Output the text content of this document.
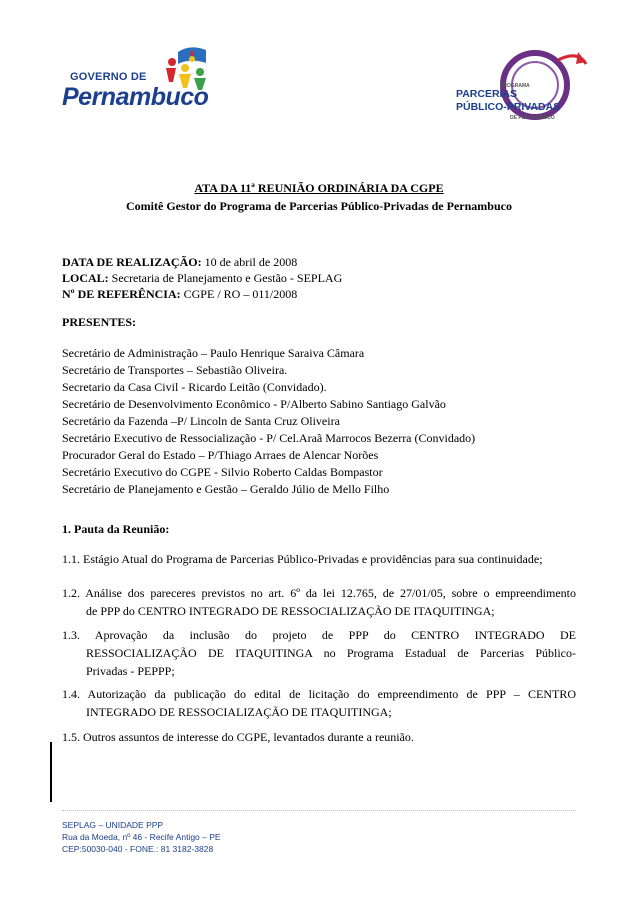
GOVERNO DE
Pernambuco	PROGRAMA
PARCERIAS
PÚBLICO-PRIVADAS
DE PERNAMBUCO
ATA DA 11ª REUNIÃO ORDINÁRIA DA CGPE
Comitê Gestor do Programa de Parcerias Público-Privadas de Pernambuco
DATA DE REALIZAÇÃO: 10 de abril de 2008
LOCAL: Secretaria de Planejamento e Gestão - SEPLAG
Nº DE REFERÊNCIA: CGPE / RO – 011/2008
PRESENTES:
Secretário de Administração – Paulo Henrique Saraiva Câmara
Secretário de Transportes – Sebastião Oliveira.
Secretario da Casa Civil - Ricardo Leitão (Convidado).
Secretário de Desenvolvimento Econômico - P/Alberto Sabino Santiago Galvão
Secretário da Fazenda –P/ Lincoln de Santa Cruz Oliveira
Secretário Executivo de Ressocialização - P/ Cel.Araã Marrocos Bezerra (Convidado)
Procurador Geral do Estado – P/Thiago Arraes de Alencar Norões
Secretário Executivo do CGPE - Silvio Roberto Caldas Bompastor
Secretário de Planejamento e Gestão – Geraldo Júlio de Mello Filho
1. Pauta da Reunião:
1.1. Estágio Atual do Programa de Parcerias Público-Privadas e providências para sua continuidade;
1.2. Análise dos pareceres previstos no art. 6º da lei 12.765, de 27/01/05, sobre o empreendimento
de PPP do CENTRO INTEGRADO DE RESSOCIALIZAÇÃO DE ITAQUITINGA;
1.3. Aprovação da inclusão do projeto de PPP do CENTRO INTEGRADO DE
RESSOCIALIZAÇÃO DE ITAQUITINGA no Programa Estadual de Parcerias Público-
Privadas - PEPPP;
1.4. Autorização da publicação do edital de licitação do empreendimento de PPP – CENTRO
INTEGRADO DE RESSOCIALIZAÇÃO DE ITAQUITINGA;
1.5. Outros assuntos de interesse do CGPE, levantados durante a reunião.
SEPLAG – UNIDADE PPP
Rua da Moeda, nº 46 - Recife Antigo – PE
CEP:50030-040 - FONE.: 81 3182-3828
